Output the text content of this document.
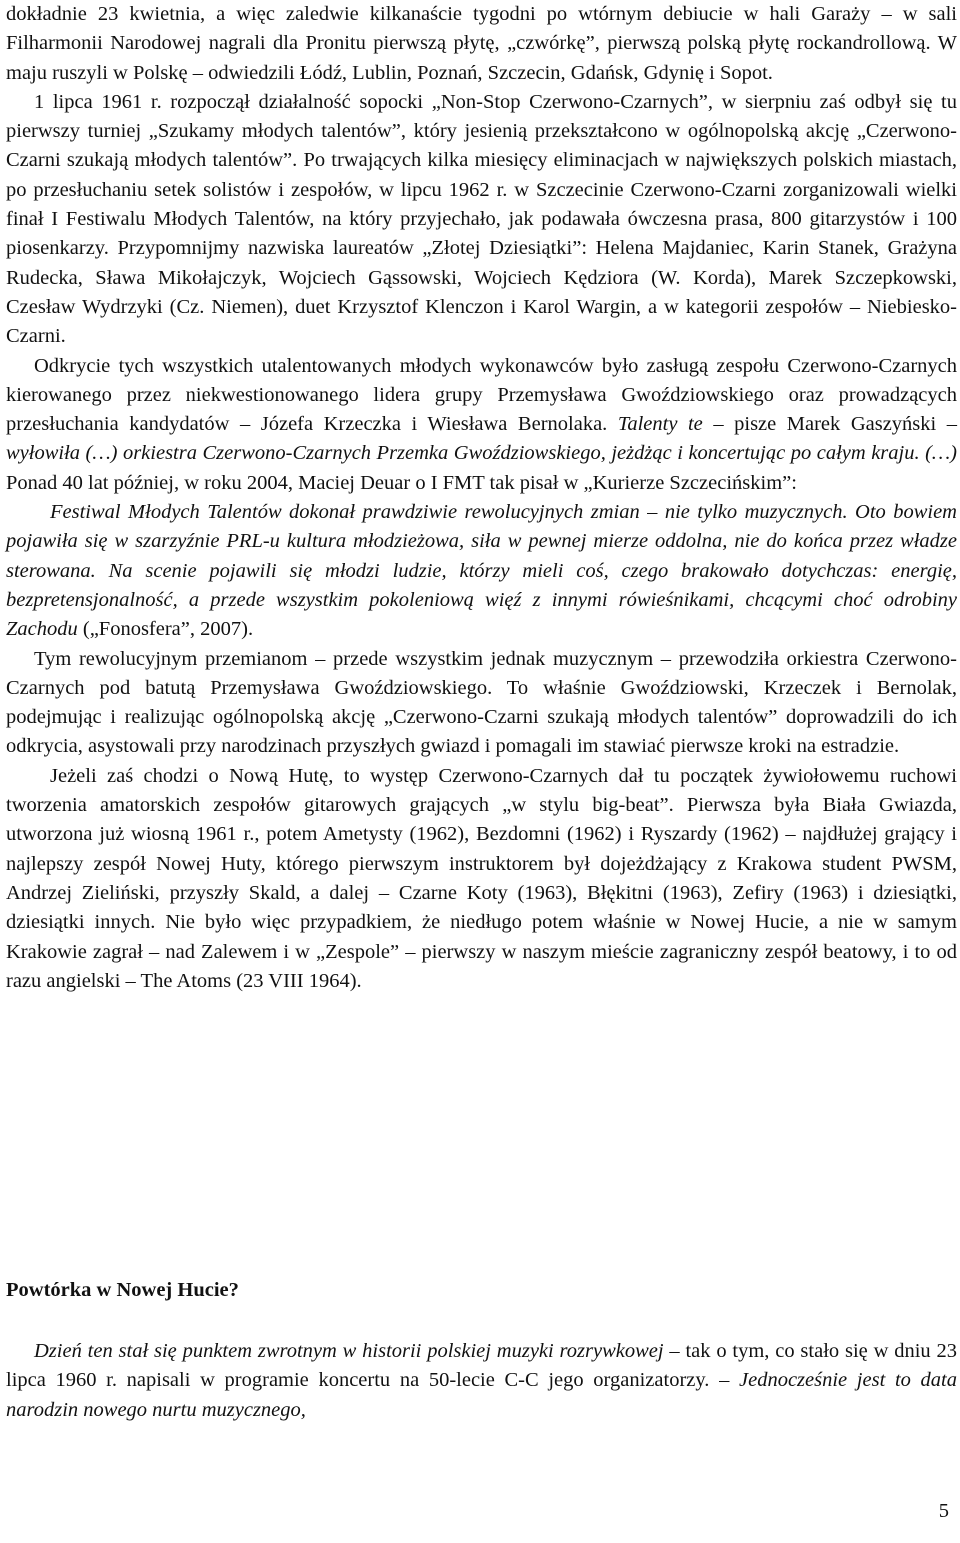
dokładnie 23 kwietnia, a więc zaledwie kilkanaście tygodni po wtórnym debiucie w hali Garaży – w sali Filharmonii Narodowej nagrali dla Pronitu pierwszą płytę, „czwórkę”, pierwszą polską płytę rockandrollową. W maju ruszyli w Polskę – odwiedzili Łódź, Lublin, Poznań, Szczecin, Gdańsk, Gdynię i Sopot.

1 lipca 1961 r. rozpoczął działalność sopocki „Non-Stop Czerwono-Czarnych”, w sierpniu zaś odbył się tu pierwszy turniej „Szukamy młodych talentów”, który jesienią przekształcono w ogólnopolską akcję „Czerwono-Czarni szukają młodych talentów”. Po trwających kilka miesięcy eliminacjach w największych polskich miastach, po przesłuchaniu setek solistów i zespołów, w lipcu 1962 r. w Szczecinie Czerwono-Czarni zorganizowali wielki finał I Festiwalu Młodych Talentów, na który przyjechało, jak podawała ówczesna prasa, 800 gitarzystów i 100 piosenkarzy. Przypomnijmy nazwiska laureatów „Złotej Dziesiątki”: Helena Majdaniec, Karin Stanek, Grażyna Rudecka, Sława Mikołajczyk, Wojciech Gąssowski, Wojciech Kędziora (W. Korda), Marek Szczepkowski, Czesław Wydrzyki (Cz. Niemen), duet Krzysztof Klenczon i Karol Wargin, a w kategorii zespołów – Niebiesko-Czarni.

Odkrycie tych wszystkich utalentowanych młodych wykonawców było zasługą zespołu Czerwono-Czarnych kierowanego przez niekwestionowanego lidera grupy Przemysława Gwoździowskiego oraz prowadzących przesłuchania kandydatów – Józefa Krzeczka i Wiesława Bernolaka. Talenty te – pisze Marek Gaszyński – wyłowiła (…) orkiestra Czerwono-Czarnych Przemka Gwoździowskiego, jeżdżąc i koncertując po całym kraju. (…) Ponad 40 lat później, w roku 2004, Maciej Deuar o I FMT tak pisał w „Kurierze Szczecińskim”:

Festiwal Młodych Talentów dokonał prawdziwie rewolucyjnych zmian – nie tylko muzycznych. Oto bowiem pojawiła się w szarzyźnie PRL-u kultura młodzieżowa, siła w pewnej mierze oddolna, nie do końca przez władze sterowana. Na scenie pojawili się młodzi ludzie, którzy mieli coś, czego brakowało dotychczas: energię, bezpretensjonalność, a przede wszystkim pokoleniową więź z innymi rówieśnikami, chcącymi choć odrobiny Zachodu („Fonosfera”, 2007).

Tym rewolucyjnym przemianom – przede wszystkim jednak muzycznym – przewodziła orkiestra Czerwono-Czarnych pod batutą Przemysława Gwoździowskiego. To właśnie Gwoździowski, Krzeczek i Bernolak, podejmując i realizując ogólnopolską akcję „Czerwono-Czarni szukają młodych talentów” doprowadzili do ich odkrycia, asystowali przy narodzinach przyszłych gwiazd i pomagali im stawiać pierwsze kroki na estradzie.

Jeżeli zaś chodzi o Nową Hutę, to występ Czerwono-Czarnych dał tu początek żywiołowemu ruchowi tworzenia amatorskich zespołów gitarowych grających „w stylu big-beat”. Pierwsza była Biała Gwiazda, utworzona już wiosną 1961 r., potem Ametysty (1962), Bezdomni (1962) i Ryszardy (1962) – najdłużej grający i najlepszy zespół Nowej Huty, którego pierwszym instruktorem był dojeżdżający z Krakowa student PWSM, Andrzej Zieliński, przyszły Skald, a dalej – Czarne Koty (1963), Błękitni (1963), Zefiry (1963) i dziesiątki, dziesiątki innych. Nie było więc przypadkiem, że niedługo potem właśnie w Nowej Hucie, a nie w samym Krakowie zagrał – nad Zalewem i w „Zespole” – pierwszy w naszym mieście zagraniczny zespół beatowy, i to od razu angielski – The Atoms (23 VIII 1964).

Powtórka w Nowej Hucie?

Dzień ten stał się punktem zwrotnym w historii polskiej muzyki rozrywkowej – tak o tym, co stało się w dniu 23 lipca 1960 r. napisali w programie koncertu na 50-lecie C-C jego organizatorzy. – Jednocześnie jest to data narodzin nowego nurtu muzycznego,

5
